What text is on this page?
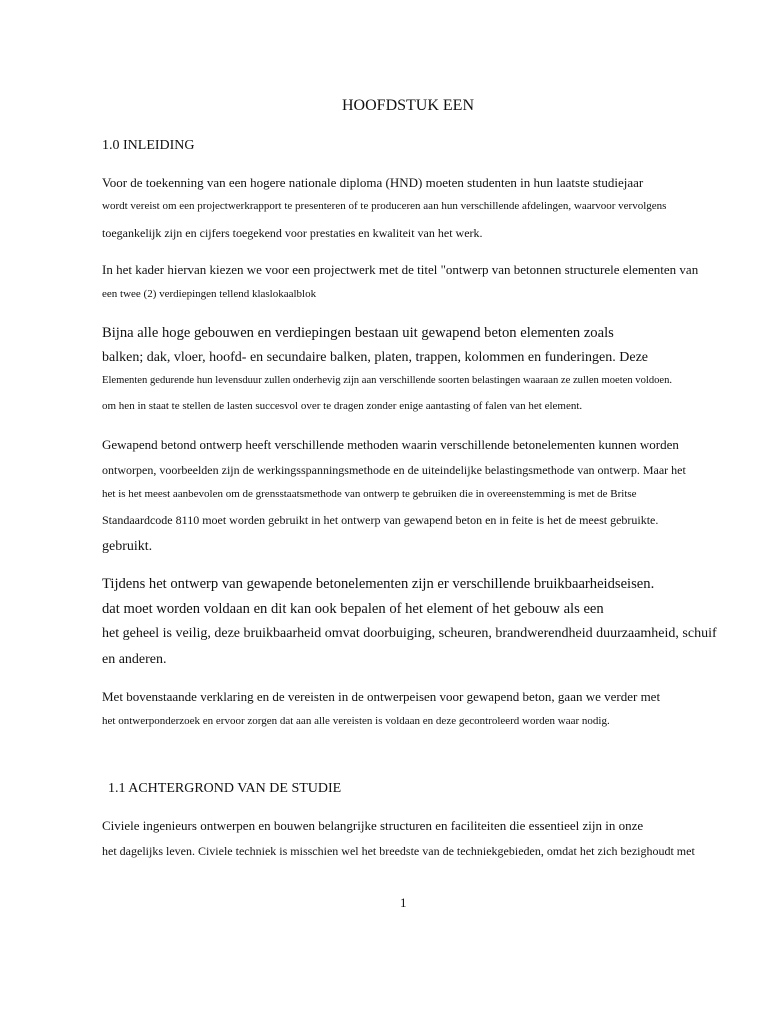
HOOFDSTUK EEN
1.0 INLEIDING
Voor de toekenning van een hogere nationale diploma (HND) moeten studenten in hun laatste studiejaar
wordt vereist om een projectwerkrapport te presenteren of te produceren aan hun verschillende afdelingen, waarvoor vervolgens
toegankelijk zijn en cijfers toegekend voor prestaties en kwaliteit van het werk.
In het kader hiervan kiezen we voor een projectwerk met de titel "ontwerp van betonnen structurele elementen van
een twee (2) verdiepingen tellend klaslokaalblok
Bijna alle hoge gebouwen en verdiepingen bestaan uit gewapend beton elementen zoals
balken; dak, vloer, hoofd- en secundaire balken, platen, trappen, kolommen en funderingen. Deze
Elementen gedurende hun levensduur zullen onderhevig zijn aan verschillende soorten belastingen waaraan ze zullen moeten voldoen.
om hen in staat te stellen de lasten succesvol over te dragen zonder enige aantasting of falen van het element.
Gewapend betond ontwerp heeft verschillende methoden waarin verschillende betonelementen kunnen worden
ontworpen, voorbeelden zijn de werkingsspanningsmethode en de uiteindelijke belastingsmethode van ontwerp. Maar het
het is het meest aanbevolen om de grensstaatsmethode van ontwerp te gebruiken die in overeenstemming is met de Britse
Standaardcode 8110 moet worden gebruikt in het ontwerp van gewapend beton en in feite is het de meest gebruikte.
gebruikt.
Tijdens het ontwerp van gewapende betonelementen zijn er verschillende bruikbaarheidseisen.
dat moet worden voldaan en dit kan ook bepalen of het element of het gebouw als een
het geheel is veilig, deze bruikbaarheid omvat doorbuiging, scheuren, brandwerendheid duurzaamheid, schuif
en anderen.
Met bovenstaande verklaring en de vereisten in de ontwerpeisen voor gewapend beton, gaan we verder met
het ontwerponderzoek en ervoor zorgen dat aan alle vereisten is voldaan en deze gecontroleerd worden waar nodig.
1.1 ACHTERGROND VAN DE STUDIE
Civiele ingenieurs ontwerpen en bouwen belangrijke structuren en faciliteiten die essentieel zijn in onze
het dagelijks leven. Civiele techniek is misschien wel het breedste van de techniekgebieden, omdat het zich bezighoudt met
1
